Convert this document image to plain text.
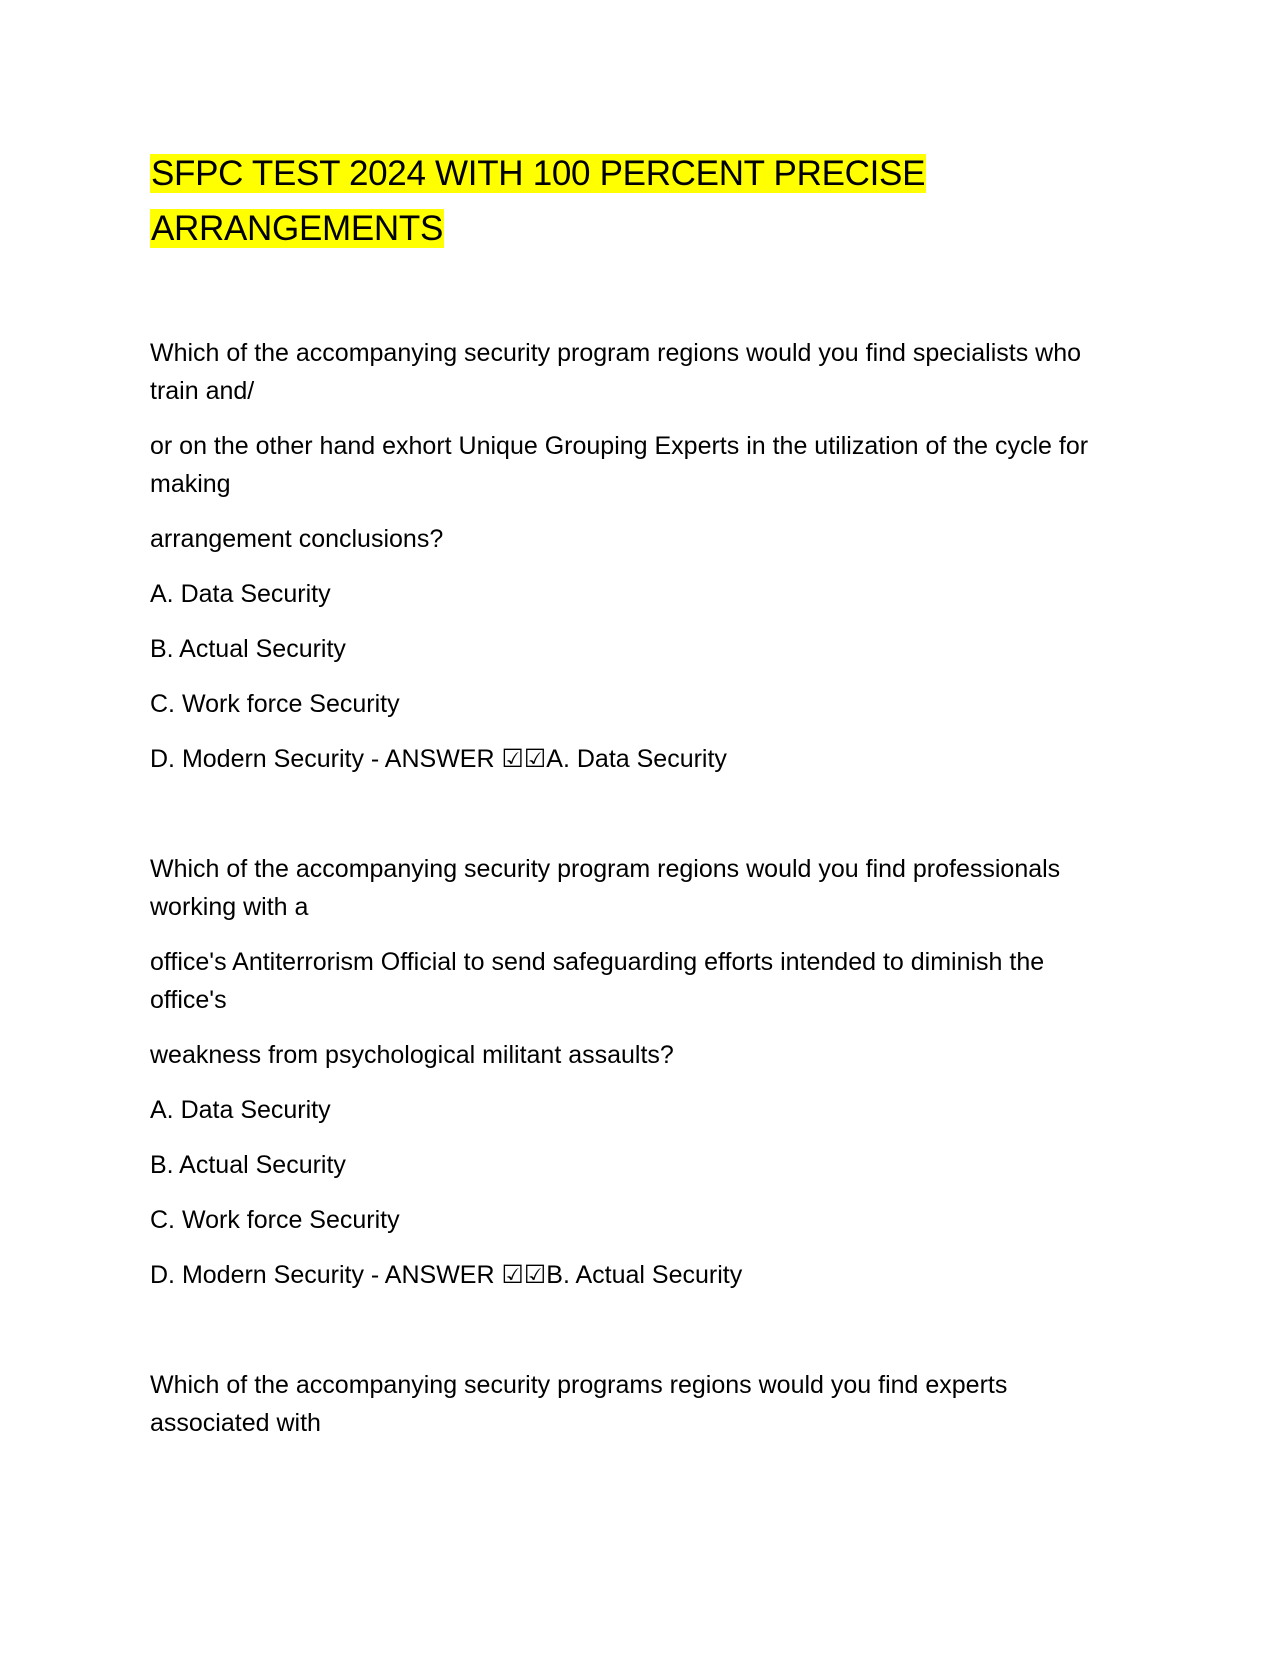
SFPC TEST 2024 WITH 100 PERCENT PRECISE ARRANGEMENTS

Which of the accompanying security program regions would you find specialists who train and/

or on the other hand exhort Unique Grouping Experts in the utilization of the cycle for making

arrangement conclusions?

A. Data Security

B. Actual Security

C. Work force Security

D. Modern Security - ANSWER ☑☑A. Data Security

Which of the accompanying security program regions would you find professionals working with a

office's Antiterrorism Official to send safeguarding efforts intended to diminish the office's

weakness from psychological militant assaults?

A. Data Security

B. Actual Security

C. Work force Security

D. Modern Security - ANSWER ☑☑B. Actual Security

Which of the accompanying security programs regions would you find experts associated with
